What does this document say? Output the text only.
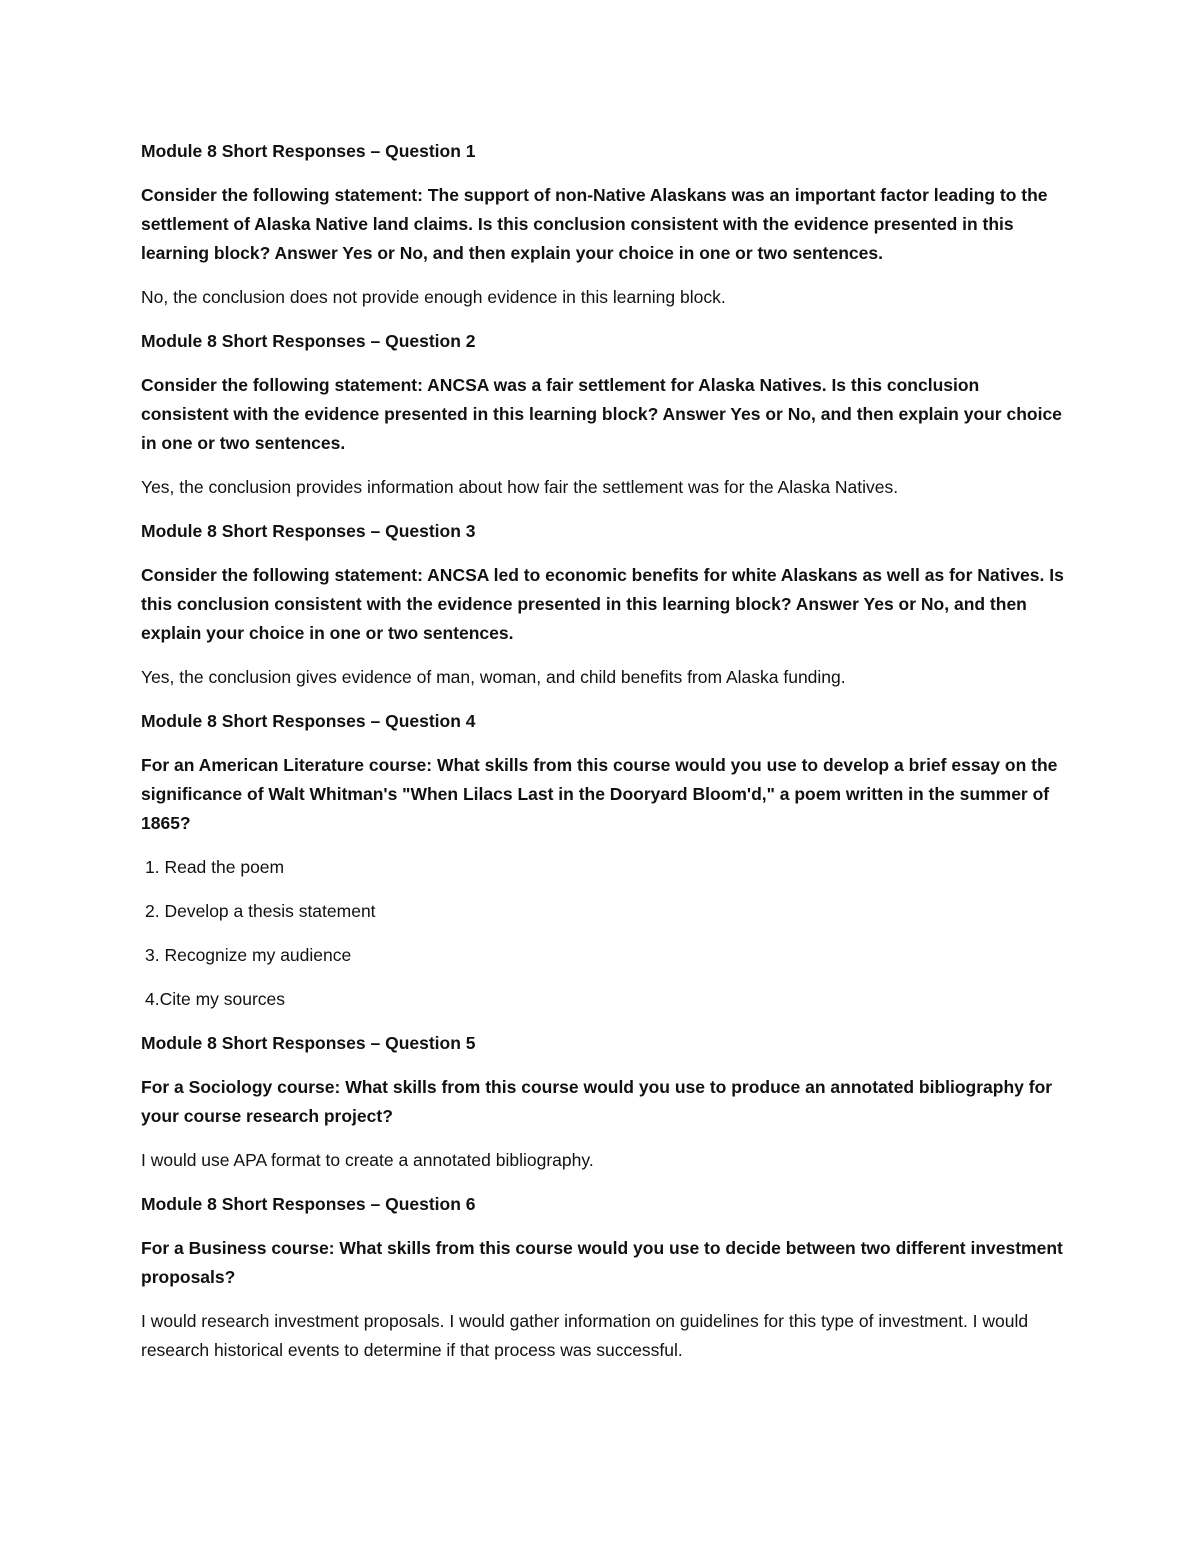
Module 8 Short Responses – Question 1

Consider the following statement: The support of non-Native Alaskans was an important factor leading to the settlement of Alaska Native land claims. Is this conclusion consistent with the evidence presented in this learning block? Answer Yes or No, and then explain your choice in one or two sentences.

No, the conclusion does not provide enough evidence in this learning block.

Module 8 Short Responses – Question 2

Consider the following statement: ANCSA was a fair settlement for Alaska Natives. Is this conclusion consistent with the evidence presented in this learning block? Answer Yes or No, and then explain your choice in one or two sentences.

Yes, the conclusion provides information about how fair the settlement was for the Alaska Natives.

Module 8 Short Responses – Question 3

Consider the following statement: ANCSA led to economic benefits for white Alaskans as well as for Natives. Is this conclusion consistent with the evidence presented in this learning block? Answer Yes or No, and then explain your choice in one or two sentences.

Yes, the conclusion gives evidence of man, woman, and child benefits from Alaska funding.

Module 8 Short Responses – Question 4

For an American Literature course: What skills from this course would you use to develop a brief essay on the significance of Walt Whitman's "When Lilacs Last in the Dooryard Bloom'd," a poem written in the summer of 1865?

1. Read the poem

2. Develop a thesis statement

3. Recognize my audience

4.Cite my sources

Module 8 Short Responses – Question 5

For a Sociology course: What skills from this course would you use to produce an annotated bibliography for your course research project?

I would use APA format to create a annotated bibliography.

Module 8 Short Responses – Question 6

For a Business course: What skills from this course would you use to decide between two different investment proposals?

I would research investment proposals. I would gather information on guidelines for this type of investment. I would research historical events to determine if that process was successful.
